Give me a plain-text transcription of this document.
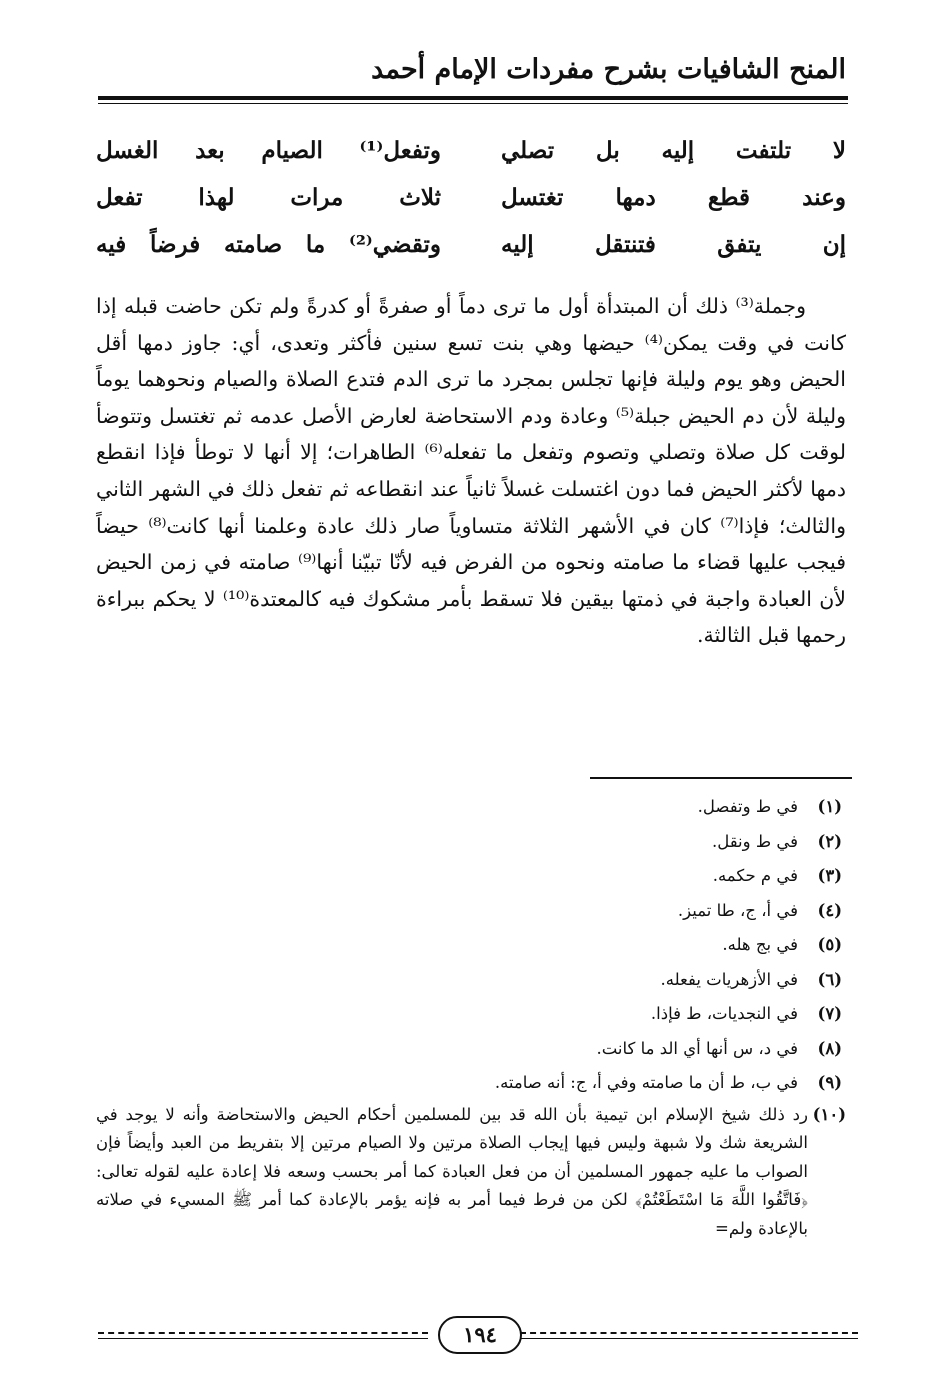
المنح الشافيات بشرح مفردات الإمام أحمد
لا تلتفت إليه بل تصلي
وتفعل⁽¹⁾ الصيام بعد الغسل
وعند قطع دمها تغتسل
ثلاث مرات لهذا تفعل
إن يتفق فتنتقل إليه
وتقضي⁽²⁾ ما صامته فرضاً فيه

وجملة⁽³⁾ ذلك أن المبتدأة أول ما ترى دماً أو صفرةً أو كدرةً ولم تكن حاضت قبله إذا كانت في وقت يمكن⁽⁴⁾ حيضها وهي بنت تسع سنين فأكثر وتعدى، أي: جاوز دمها أقل الحيض وهو يوم وليلة فإنها تجلس بمجرد ما ترى الدم فتدع الصلاة والصيام ونحوهما يوماً وليلة لأن دم الحيض جبلة⁽⁵⁾ وعادة ودم الاستحاضة لعارض الأصل عدمه ثم تغتسل وتتوضأ لوقت كل صلاة وتصلي وتصوم وتفعل ما تفعله⁽⁶⁾ الطاهرات؛ إلا أنها لا توطأ فإذا انقطع دمها لأكثر الحيض فما دون اغتسلت غسلاً ثانياً عند انقطاعه ثم تفعل ذلك في الشهر الثاني والثالث؛ فإذا⁽⁷⁾ كان في الأشهر الثلاثة متساوياً صار ذلك عادة وعلمنا أنها كانت⁽⁸⁾ حيضاً فيجب عليها قضاء ما صامته ونحوه من الفرض فيه لأنّا تبيّنا أنها⁽⁹⁾ صامته في زمن الحيض لأن العبادة واجبة في ذمتها بيقين فلا تسقط بأمر مشكوك فيه كالمعتدة⁽¹⁰⁾ لا يحكم ببراءة رحمها قبل الثالثة.

(١)
في ط وتفصل.
(٢)
في ط ونقل.
(٣)
في م حكمه.
(٤)
في أ، ج، طا تميز.
(٥)
في بج هله.
(٦)
في الأزهريات يفعله.
(٧)
في النجديات، ط فإذا.
(٨)
في د، س أنها أي الد ما كانت.
(٩)
في ب، ط أن ما صامته وفي أ، ج: أنه صامته.
(١٠)
رد ذلك شيخ الإسلام ابن تيمية بأن الله قد بين للمسلمين أحكام الحيض والاستحاضة وأنه لا يوجد في الشريعة شك ولا شبهة وليس فيها إيجاب الصلاة مرتين ولا الصيام مرتين إلا بتفريط من العبد وأيضاً فإن الصواب ما عليه جمهور المسلمين أن من فعل العبادة كما أمر بحسب وسعه فلا إعادة عليه لقوله تعالى: ﴿فَاتَّقُوا اللَّهَ مَا اسْتَطَعْتُمْ﴾ لكن من فرط فيما أمر به فإنه يؤمر بالإعادة كما أمر ﷺ المسيء في صلاته بالإعادة ولم=
١٩٤
